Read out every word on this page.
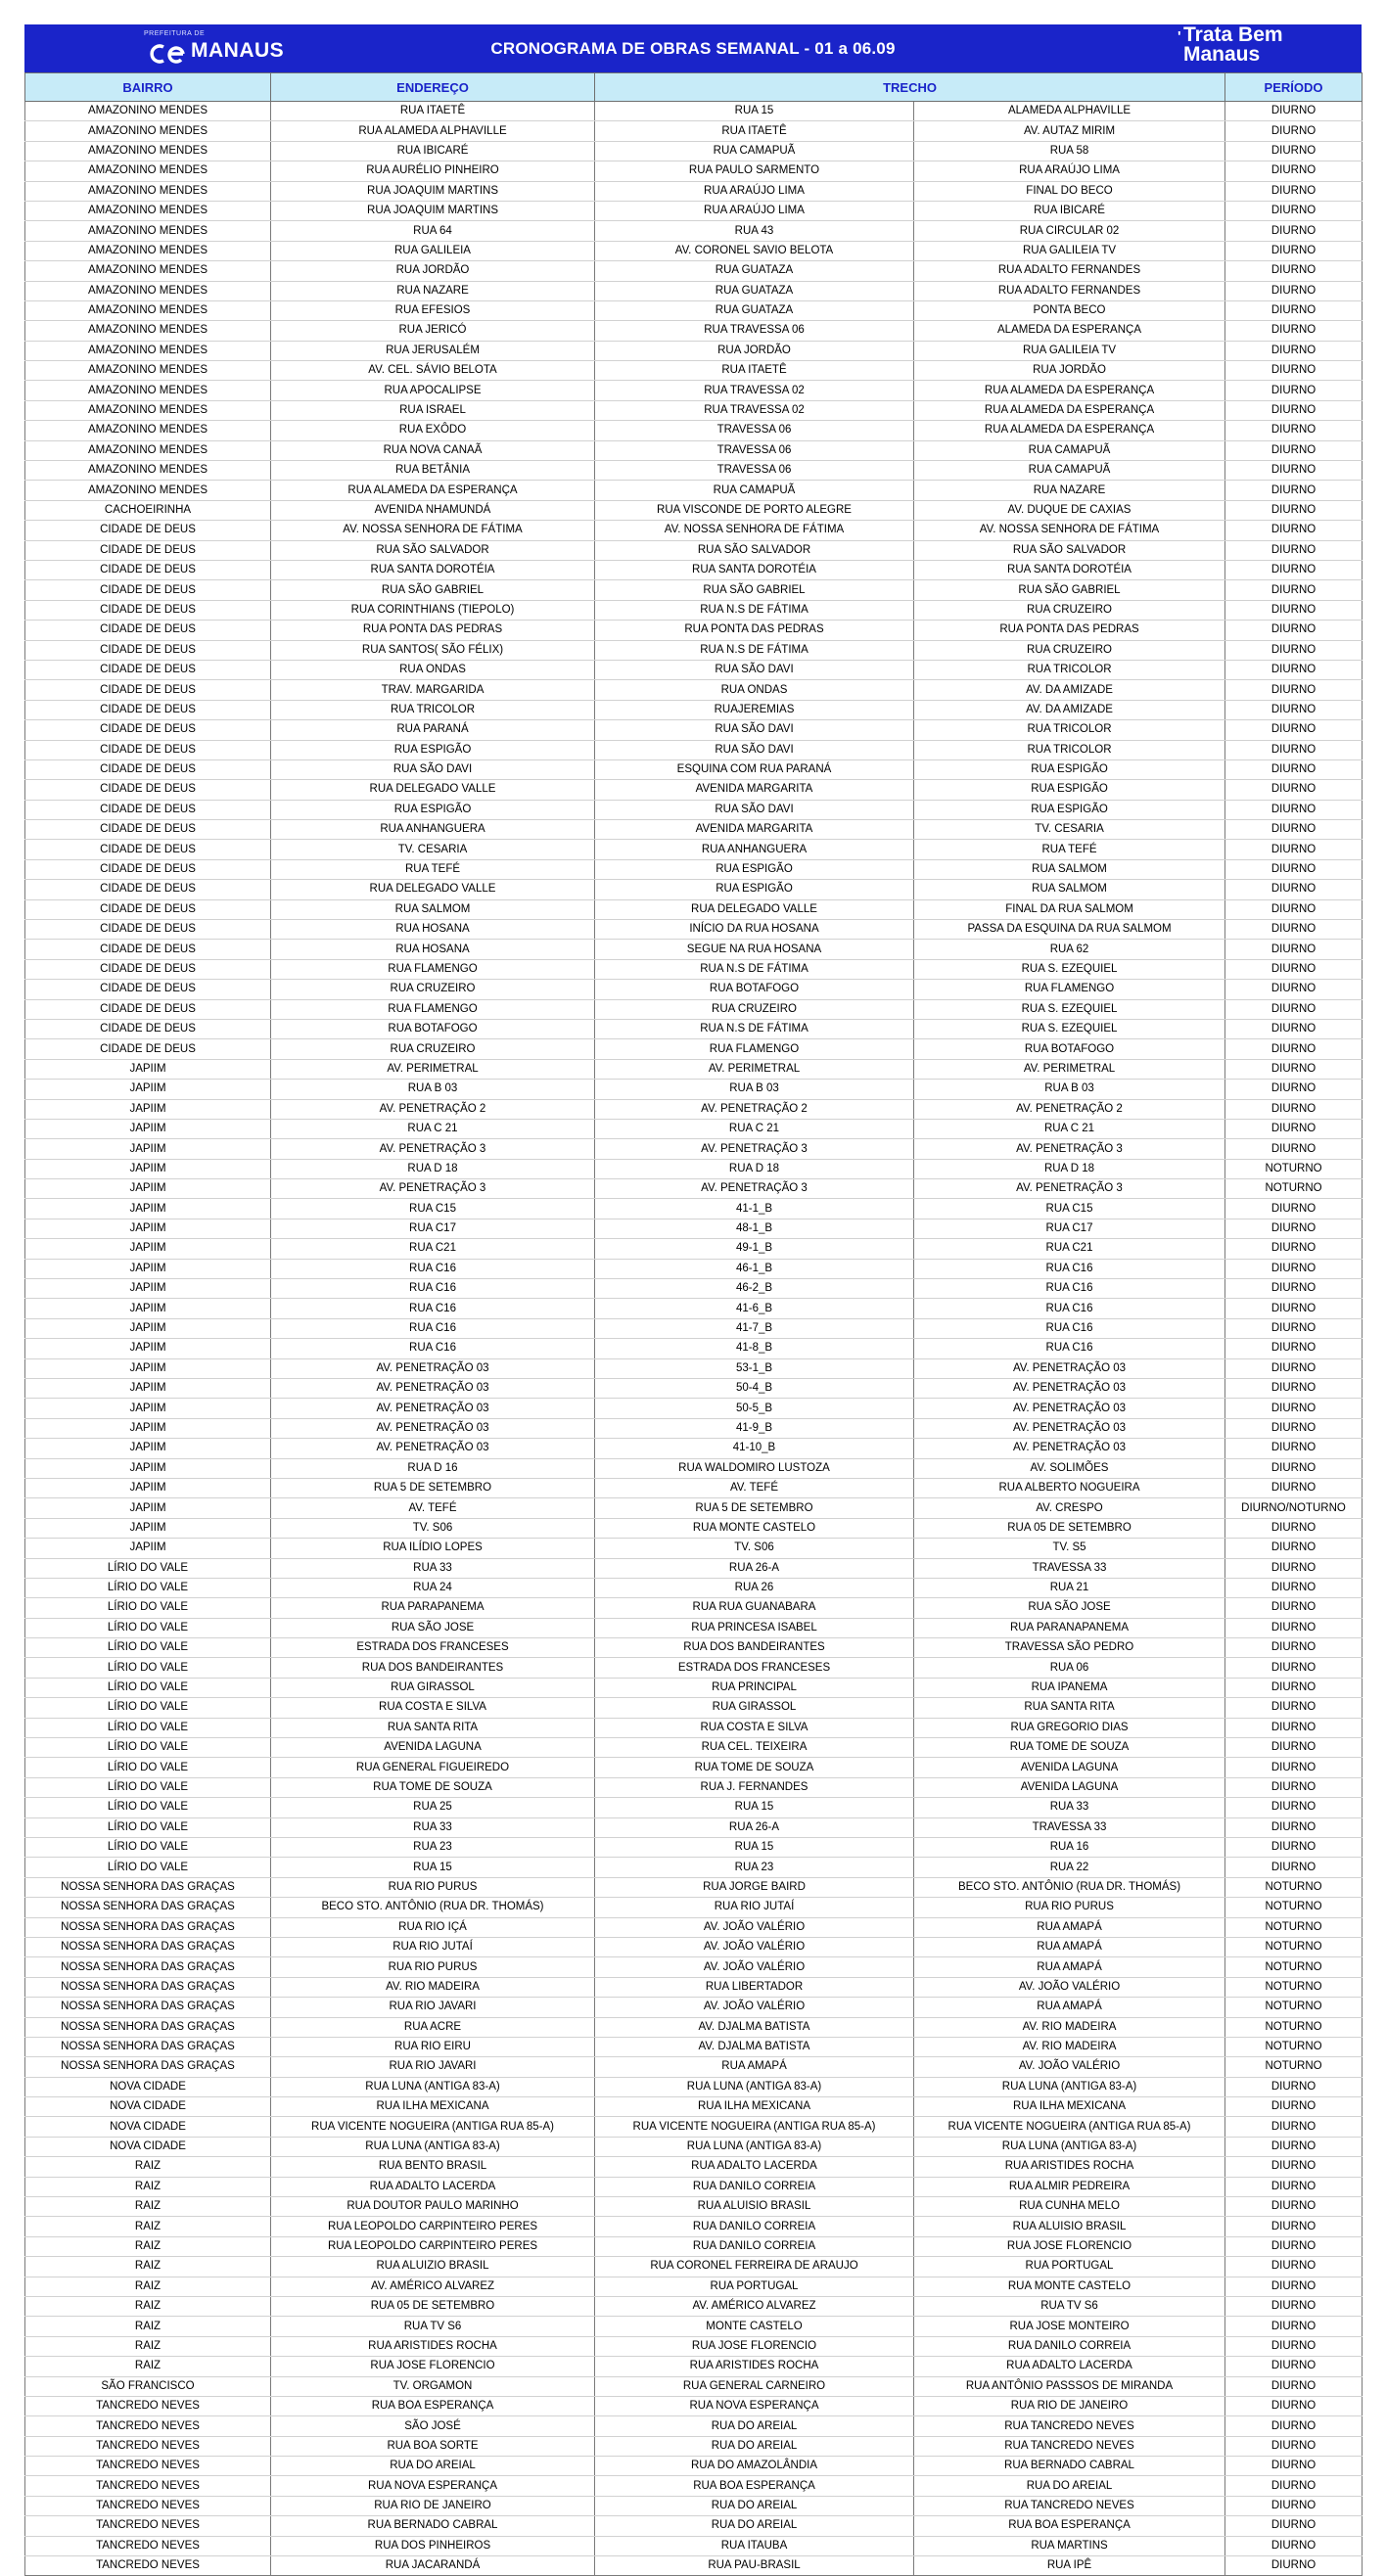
PREFEITURA DE
MANAUS	CRONOGRAMA DE OBRAS SEMANAL - 01 a 06.09
' Trata Bem
Manaus
BAIRRO	ENDEREÇO	TRECHO		PERÍODO
AMAZONINO MENDES	RUA ITAETÊ	RUA 15	ALAMEDA ALPHAVILLE	DIURNO
AMAZONINO MENDES	RUA ALAMEDA ALPHAVILLE	RUA ITAETÊ	AV. AUTAZ MIRIM	DIURNO
AMAZONINO MENDES	RUA IBICARÉ	RUA CAMAPUÃ	RUA 58	DIURNO
AMAZONINO MENDES	RUA AURÉLIO PINHEIRO	RUA PAULO SARMENTO	RUA ARAÚJO LIMA	DIURNO
AMAZONINO MENDES	RUA JOAQUIM MARTINS	RUA ARAÚJO LIMA	FINAL DO BECO	DIURNO
AMAZONINO MENDES	RUA JOAQUIM MARTINS	RUA ARAÚJO LIMA	RUA IBICARÉ	DIURNO
AMAZONINO MENDES	RUA 64	RUA 43	RUA CIRCULAR 02	DIURNO
AMAZONINO MENDES	RUA GALILEIA	AV. CORONEL SAVIO BELOTA	RUA GALILEIA TV	DIURNO
AMAZONINO MENDES	RUA JORDÃO	RUA GUATAZA	RUA ADALTO FERNANDES	DIURNO
AMAZONINO MENDES	RUA NAZARE	RUA GUATAZA	RUA ADALTO FERNANDES	DIURNO
AMAZONINO MENDES	RUA EFESIOS	RUA GUATAZA	PONTA BECO	DIURNO
AMAZONINO MENDES	RUA JERICÓ	RUA TRAVESSA 06	ALAMEDA DA ESPERANÇA	DIURNO
AMAZONINO MENDES	RUA JERUSALÉM	RUA JORDÃO	RUA GALILEIA TV	DIURNO
AMAZONINO MENDES	AV. CEL. SÁVIO BELOTA	RUA ITAETÊ	RUA JORDÃO	DIURNO
AMAZONINO MENDES	RUA APOCALIPSE	RUA TRAVESSA 02	RUA ALAMEDA DA ESPERANÇA	DIURNO
AMAZONINO MENDES	RUA ISRAEL	RUA TRAVESSA 02	RUA ALAMEDA DA ESPERANÇA	DIURNO
AMAZONINO MENDES	RUA EXÔDO	TRAVESSA 06	RUA ALAMEDA DA ESPERANÇA	DIURNO
AMAZONINO MENDES	RUA NOVA CANAÃ	TRAVESSA 06	RUA CAMAPUÃ	DIURNO
AMAZONINO MENDES	RUA BETÂNIA	TRAVESSA 06	RUA CAMAPUÃ	DIURNO
AMAZONINO MENDES	RUA ALAMEDA DA ESPERANÇA	RUA CAMAPUÃ	RUA NAZARE	DIURNO
CACHOEIRINHA	AVENIDA NHAMUNDÁ	RUA VISCONDE DE PORTO ALEGRE	AV. DUQUE DE CAXIAS	DIURNO
CIDADE DE DEUS	AV. NOSSA SENHORA DE FÁTIMA	AV. NOSSA SENHORA DE FÁTIMA	AV. NOSSA SENHORA DE FÁTIMA	DIURNO
CIDADE DE DEUS	RUA SÃO SALVADOR	RUA SÃO SALVADOR	RUA SÃO SALVADOR	DIURNO
CIDADE DE DEUS	RUA SANTA DOROTÉIA	RUA SANTA DOROTÉIA	RUA SANTA DOROTÉIA	DIURNO
CIDADE DE DEUS	RUA SÃO GABRIEL	RUA SÃO GABRIEL	RUA SÃO GABRIEL	DIURNO
CIDADE DE DEUS	RUA CORINTHIANS (TIEPOLO)	RUA N.S DE FÁTIMA	RUA CRUZEIRO	DIURNO
CIDADE DE DEUS	RUA PONTA DAS PEDRAS	RUA PONTA DAS PEDRAS	RUA PONTA DAS PEDRAS	DIURNO
CIDADE DE DEUS	RUA SANTOS( SÃO FÉLIX)	RUA N.S DE FÁTIMA	RUA CRUZEIRO	DIURNO
CIDADE DE DEUS	RUA ONDAS	RUA SÃO DAVI	RUA TRICOLOR	DIURNO
CIDADE DE DEUS	TRAV. MARGARIDA	RUA ONDAS	AV. DA AMIZADE	DIURNO
CIDADE DE DEUS	RUA TRICOLOR	RUAJEREMIAS	AV. DA AMIZADE	DIURNO
CIDADE DE DEUS	RUA PARANÁ	RUA SÃO DAVI	RUA TRICOLOR	DIURNO
CIDADE DE DEUS	RUA ESPIGÃO	RUA SÃO DAVI	RUA TRICOLOR	DIURNO
CIDADE DE DEUS	RUA SÃO DAVI	ESQUINA COM RUA PARANÁ	RUA ESPIGÃO	DIURNO
CIDADE DE DEUS	RUA DELEGADO VALLE	AVENIDA MARGARITA	RUA ESPIGÃO	DIURNO
CIDADE DE DEUS	RUA ESPIGÃO	RUA SÃO DAVI	RUA ESPIGÃO	DIURNO
CIDADE DE DEUS	RUA ANHANGUERA	AVENIDA MARGARITA	TV. CESARIA	DIURNO
CIDADE DE DEUS	TV. CESARIA	RUA ANHANGUERA	RUA TEFÉ	DIURNO
CIDADE DE DEUS	RUA TEFÉ	RUA ESPIGÃO	RUA SALMOM	DIURNO
CIDADE DE DEUS	RUA DELEGADO VALLE	RUA ESPIGÃO	RUA SALMOM	DIURNO
CIDADE DE DEUS	RUA SALMOM	RUA DELEGADO VALLE	FINAL DA RUA SALMOM	DIURNO
CIDADE DE DEUS	RUA HOSANA	INÍCIO DA RUA HOSANA	PASSA DA ESQUINA DA RUA SALMOM	DIURNO
CIDADE DE DEUS	RUA HOSANA	SEGUE NA RUA HOSANA	RUA 62	DIURNO
CIDADE DE DEUS	RUA FLAMENGO	RUA N.S DE FÁTIMA	RUA S. EZEQUIEL	DIURNO
CIDADE DE DEUS	RUA CRUZEIRO	RUA BOTAFOGO	RUA FLAMENGO	DIURNO
CIDADE DE DEUS	RUA FLAMENGO	RUA CRUZEIRO	RUA S. EZEQUIEL	DIURNO
CIDADE DE DEUS	RUA BOTAFOGO	RUA N.S DE FÁTIMA	RUA S. EZEQUIEL	DIURNO
CIDADE DE DEUS	RUA CRUZEIRO	RUA FLAMENGO	RUA BOTAFOGO	DIURNO
JAPIIM	AV. PERIMETRAL	AV. PERIMETRAL	AV. PERIMETRAL	DIURNO
JAPIIM	RUA B 03	RUA B 03	RUA B 03	DIURNO
JAPIIM	AV. PENETRAÇÃO 2	AV. PENETRAÇÃO 2	AV. PENETRAÇÃO 2	DIURNO
JAPIIM	RUA C 21	RUA C 21	RUA C 21	DIURNO
JAPIIM	AV. PENETRAÇÃO 3	AV. PENETRAÇÃO 3	AV. PENETRAÇÃO 3	DIURNO
JAPIIM	RUA D 18	RUA D 18	RUA D 18	NOTURNO
JAPIIM	AV. PENETRAÇÃO 3	AV. PENETRAÇÃO 3	AV. PENETRAÇÃO 3	NOTURNO
JAPIIM	RUA C15	41-1_B	RUA C15	DIURNO
JAPIIM	RUA C17	48-1_B	RUA C17	DIURNO
JAPIIM	RUA C21	49-1_B	RUA C21	DIURNO
JAPIIM	RUA C16	46-1_B	RUA C16	DIURNO
JAPIIM	RUA C16	46-2_B	RUA C16	DIURNO
JAPIIM	RUA C16	41-6_B	RUA C16	DIURNO
JAPIIM	RUA C16	41-7_B	RUA C16	DIURNO
JAPIIM	RUA C16	41-8_B	RUA C16	DIURNO
JAPIIM	AV. PENETRAÇÃO 03	53-1_B	AV. PENETRAÇÃO 03	DIURNO
JAPIIM	AV. PENETRAÇÃO 03	50-4_B	AV. PENETRAÇÃO 03	DIURNO
JAPIIM	AV. PENETRAÇÃO 03	50-5_B	AV. PENETRAÇÃO 03	DIURNO
JAPIIM	AV. PENETRAÇÃO 03	41-9_B	AV. PENETRAÇÃO 03	DIURNO
JAPIIM	AV. PENETRAÇÃO 03	41-10_B	AV. PENETRAÇÃO 03	DIURNO
JAPIIM	RUA D 16	RUA WALDOMIRO LUSTOZA	AV. SOLIMÕES	DIURNO
JAPIIM	RUA 5 DE SETEMBRO	AV. TEFÉ	RUA ALBERTO NOGUEIRA	DIURNO
JAPIIM	AV. TEFÉ	RUA 5 DE SETEMBRO	AV. CRESPO	DIURNO/NOTURNO
JAPIIM	TV. S06	RUA MONTE CASTELO	RUA 05 DE SETEMBRO	DIURNO
JAPIIM	RUA ILÍDIO LOPES	TV. S06	TV. S5	DIURNO
LÍRIO DO VALE	RUA 33	RUA 26-A	TRAVESSA 33	DIURNO
LÍRIO DO VALE	RUA 24	RUA 26	RUA 21	DIURNO
LÍRIO DO VALE	RUA PARAPANEMA	RUA RUA GUANABARA	RUA SÃO JOSE	DIURNO
LÍRIO DO VALE	RUA SÃO JOSE	RUA PRINCESA ISABEL	RUA PARANAPANEMA	DIURNO
LÍRIO DO VALE	ESTRADA DOS FRANCESES	RUA DOS BANDEIRANTES	TRAVESSA SÃO PEDRO	DIURNO
LÍRIO DO VALE	RUA DOS BANDEIRANTES	ESTRADA DOS FRANCESES	RUA 06	DIURNO
LÍRIO DO VALE	RUA GIRASSOL	RUA PRINCIPAL	RUA IPANEMA	DIURNO
LÍRIO DO VALE	RUA COSTA E SILVA	RUA GIRASSOL	RUA SANTA RITA	DIURNO
LÍRIO DO VALE	RUA SANTA RITA	RUA COSTA E SILVA	RUA GREGORIO DIAS	DIURNO
LÍRIO DO VALE	AVENIDA LAGUNA	RUA CEL. TEIXEIRA	RUA TOME DE SOUZA	DIURNO
LÍRIO DO VALE	RUA GENERAL FIGUEIREDO	RUA TOME DE SOUZA	AVENIDA LAGUNA	DIURNO
LÍRIO DO VALE	RUA TOME DE SOUZA	RUA J. FERNANDES	AVENIDA LAGUNA	DIURNO
LÍRIO DO VALE	RUA 25	RUA 15	RUA 33	DIURNO
LÍRIO DO VALE	RUA 33	RUA 26-A	TRAVESSA 33	DIURNO
LÍRIO DO VALE	RUA 23	RUA 15	RUA 16	DIURNO
LÍRIO DO VALE	RUA 15	RUA 23	RUA 22	DIURNO
NOSSA SENHORA DAS GRAÇAS	RUA RIO PURUS	RUA JORGE BAIRD	BECO STO. ANTÔNIO (RUA DR. THOMÁS)	NOTURNO
NOSSA SENHORA DAS GRAÇAS	BECO STO. ANTÔNIO (RUA DR. THOMÁS)	RUA RIO JUTAÍ	RUA RIO PURUS	NOTURNO
NOSSA SENHORA DAS GRAÇAS	RUA RIO IÇÁ	AV. JOÃO VALÉRIO	RUA AMAPÁ	NOTURNO
NOSSA SENHORA DAS GRAÇAS	RUA RIO JUTAÍ	AV. JOÃO VALÉRIO	RUA AMAPÁ	NOTURNO
NOSSA SENHORA DAS GRAÇAS	RUA RIO PURUS	AV. JOÃO VALÉRIO	RUA AMAPÁ	NOTURNO
NOSSA SENHORA DAS GRAÇAS	AV. RIO MADEIRA	RUA LIBERTADOR	AV. JOÃO VALÉRIO	NOTURNO
NOSSA SENHORA DAS GRAÇAS	RUA RIO JAVARI	AV. JOÃO VALÉRIO	RUA AMAPÁ	NOTURNO
NOSSA SENHORA DAS GRAÇAS	RUA ACRE	AV. DJALMA BATISTA	AV. RIO MADEIRA	NOTURNO
NOSSA SENHORA DAS GRAÇAS	RUA RIO EIRU	AV. DJALMA BATISTA	AV. RIO MADEIRA	NOTURNO
NOSSA SENHORA DAS GRAÇAS	RUA RIO JAVARI	RUA AMAPÁ	AV. JOÃO VALÉRIO	NOTURNO
NOVA CIDADE	RUA LUNA (ANTIGA 83-A)	RUA LUNA (ANTIGA 83-A)	RUA LUNA (ANTIGA 83-A)	DIURNO
NOVA CIDADE	RUA ILHA MEXICANA	RUA ILHA MEXICANA	RUA ILHA MEXICANA	DIURNO
NOVA CIDADE	RUA VICENTE NOGUEIRA (ANTIGA RUA 85-A)	RUA VICENTE NOGUEIRA (ANTIGA RUA 85-A)	RUA VICENTE NOGUEIRA (ANTIGA RUA 85-A)	DIURNO
NOVA CIDADE	RUA LUNA (ANTIGA 83-A)	RUA LUNA (ANTIGA 83-A)	RUA LUNA (ANTIGA 83-A)	DIURNO
RAIZ	RUA BENTO BRASIL	RUA ADALTO LACERDA	RUA ARISTIDES ROCHA	DIURNO
RAIZ	RUA ADALTO LACERDA	RUA DANILO CORREIA	RUA ALMIR PEDREIRA	DIURNO
RAIZ	RUA DOUTOR PAULO MARINHO	RUA ALUISIO BRASIL	RUA CUNHA MELO	DIURNO
RAIZ	RUA LEOPOLDO CARPINTEIRO PERES	RUA DANILO CORREIA	RUA ALUISIO BRASIL	DIURNO
RAIZ	RUA LEOPOLDO CARPINTEIRO PERES	RUA DANILO CORREIA	RUA JOSE FLORENCIO	DIURNO
RAIZ	RUA ALUIZIO BRASIL	RUA CORONEL FERREIRA DE ARAUJO	RUA PORTUGAL	DIURNO
RAIZ	AV. AMÉRICO ALVAREZ	RUA PORTUGAL	RUA MONTE CASTELO	DIURNO
RAIZ	RUA 05 DE SETEMBRO	AV. AMÉRICO ALVAREZ	RUA TV S6	DIURNO
RAIZ	RUA TV S6	MONTE CASTELO	RUA JOSE MONTEIRO	DIURNO
RAIZ	RUA ARISTIDES ROCHA	RUA JOSE FLORENCIO	RUA DANILO CORREIA	DIURNO
RAIZ	RUA JOSE FLORENCIO	RUA ARISTIDES ROCHA	RUA ADALTO LACERDA	DIURNO
SÃO FRANCISCO	TV. ORGAMON	RUA GENERAL CARNEIRO	RUA ANTÔNIO PASSSOS DE MIRANDA	DIURNO
TANCREDO NEVES	RUA BOA ESPERANÇA	RUA NOVA ESPERANÇA	RUA RIO DE JANEIRO	DIURNO
TANCREDO NEVES	SÃO JOSÉ	RUA DO AREIAL	RUA TANCREDO NEVES	DIURNO
TANCREDO NEVES	RUA BOA SORTE	RUA DO AREIAL	RUA TANCREDO NEVES	DIURNO
TANCREDO NEVES	RUA DO AREIAL	RUA DO AMAZOLÂNDIA	RUA BERNADO CABRAL	DIURNO
TANCREDO NEVES	RUA NOVA ESPERANÇA	RUA BOA ESPERANÇA	RUA DO AREIAL	DIURNO
TANCREDO NEVES	RUA RIO DE JANEIRO	RUA DO AREIAL	RUA TANCREDO NEVES	DIURNO
TANCREDO NEVES	RUA BERNADO CABRAL	RUA DO AREIAL	RUA BOA ESPERANÇA	DIURNO
TANCREDO NEVES	RUA DOS PINHEIROS	RUA ITAUBA	RUA MARTINS	DIURNO
TANCREDO NEVES	RUA JACARANDÁ	RUA PAU-BRASIL	RUA IPÊ	DIURNO
